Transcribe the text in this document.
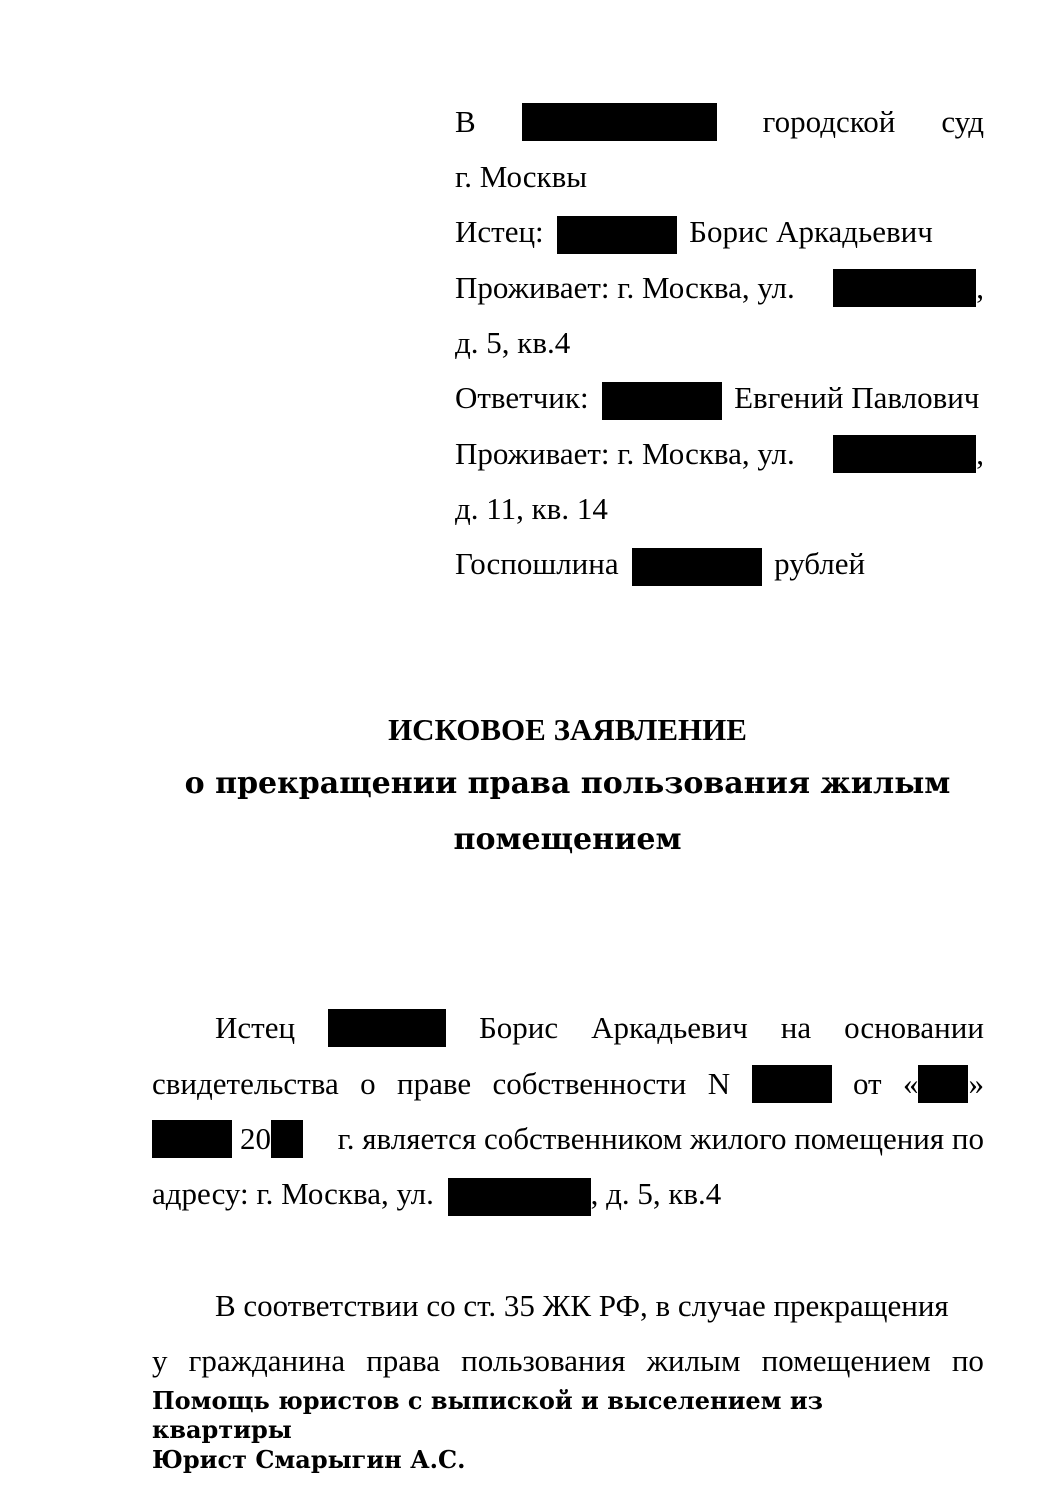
В	городской суд
г. Москвы
Истец:	Борис Аркадьевич
Проживает: г. Москва, ул.	,
д. 5, кв.4
Ответчик:	Евгений Павлович
Проживает: г. Москва, ул.	,
д. 11, кв. 14
Госпошлина	рублей
ИСКОВОЕ ЗАЯВЛЕНИЕ
о прекращении права пользования жилым
помещением
Истец	Борис Аркадьевич на основании
свидетельства о праве собственности N	от « »
20 г. является собственником жилого помещения по
адресу: г. Москва, ул.	, д. 5, кв.4
В соответствии со ст. 35 ЖК РФ, в случае прекращения
у гражданина права пользования жилым помещением по
Помощь юристов с выпиской и выселением из
квартиры
Юрист Смарыгин А.С.
